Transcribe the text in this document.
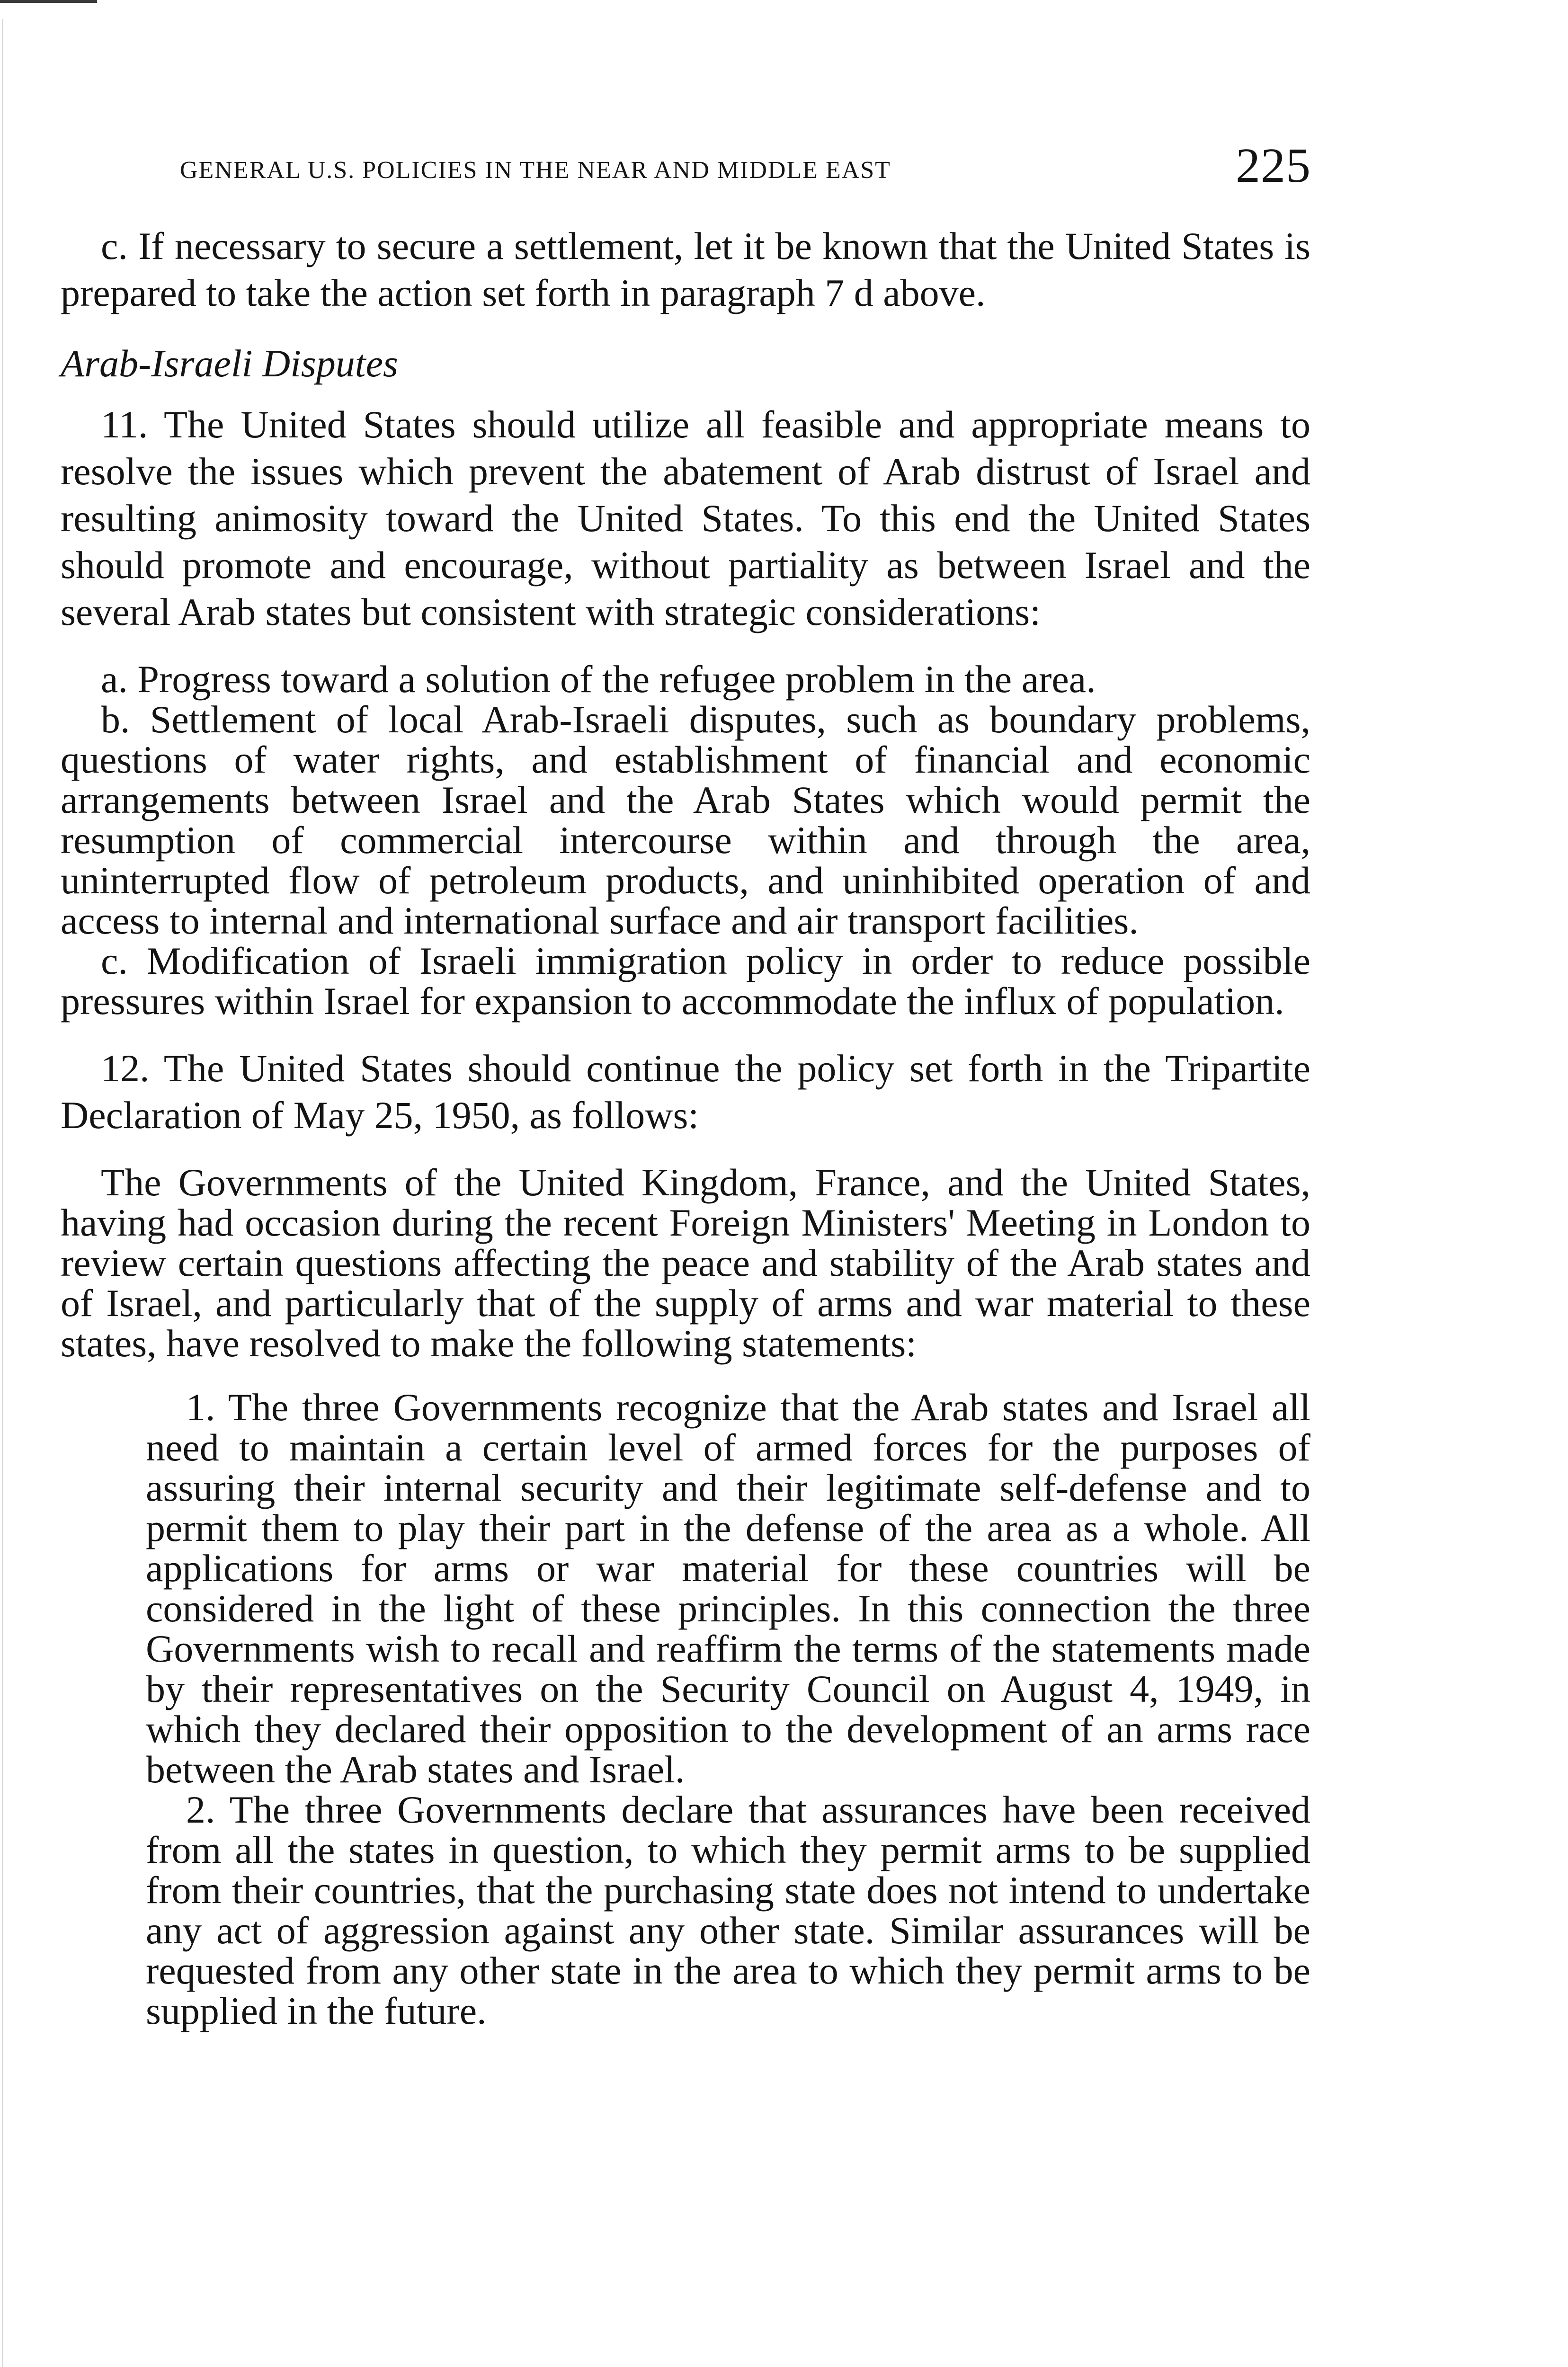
GENERAL U.S. POLICIES IN THE NEAR AND MIDDLE EAST	225

c. If necessary to secure a settlement, let it be known that the United States is prepared to take the action set forth in paragraph 7 d above.

Arab-Israeli Disputes

11. The United States should utilize all feasible and appropriate means to resolve the issues which prevent the abatement of Arab distrust of Israel and resulting animosity toward the United States. To this end the United States should promote and encourage, without partiality as between Israel and the several Arab states but consistent with strategic considerations:

a. Progress toward a solution of the refugee problem in the area.

b. Settlement of local Arab-Israeli disputes, such as boundary problems, questions of water rights, and establishment of financial and economic arrangements between Israel and the Arab States which would permit the resumption of commercial intercourse within and through the area, uninterrupted flow of petroleum products, and uninhibited operation of and access to internal and international surface and air transport facilities.

c. Modification of Israeli immigration policy in order to reduce possible pressures within Israel for expansion to accommodate the influx of population.

12. The United States should continue the policy set forth in the Tripartite Declaration of May 25, 1950, as follows:

The Governments of the United Kingdom, France, and the United States, having had occasion during the recent Foreign Ministers' Meeting in London to review certain questions affecting the peace and stability of the Arab states and of Israel, and particularly that of the supply of arms and war material to these states, have resolved to make the following statements:

1. The three Governments recognize that the Arab states and Israel all need to maintain a certain level of armed forces for the purposes of assuring their internal security and their legitimate self-defense and to permit them to play their part in the defense of the area as a whole. All applications for arms or war material for these countries will be considered in the light of these principles. In this connection the three Governments wish to recall and reaffirm the terms of the statements made by their representatives on the Security Council on August 4, 1949, in which they declared their opposition to the development of an arms race between the Arab states and Israel.

2. The three Governments declare that assurances have been received from all the states in question, to which they permit arms to be supplied from their countries, that the purchasing state does not intend to undertake any act of aggression against any other state. Similar assurances will be requested from any other state in the area to which they permit arms to be supplied in the future.
